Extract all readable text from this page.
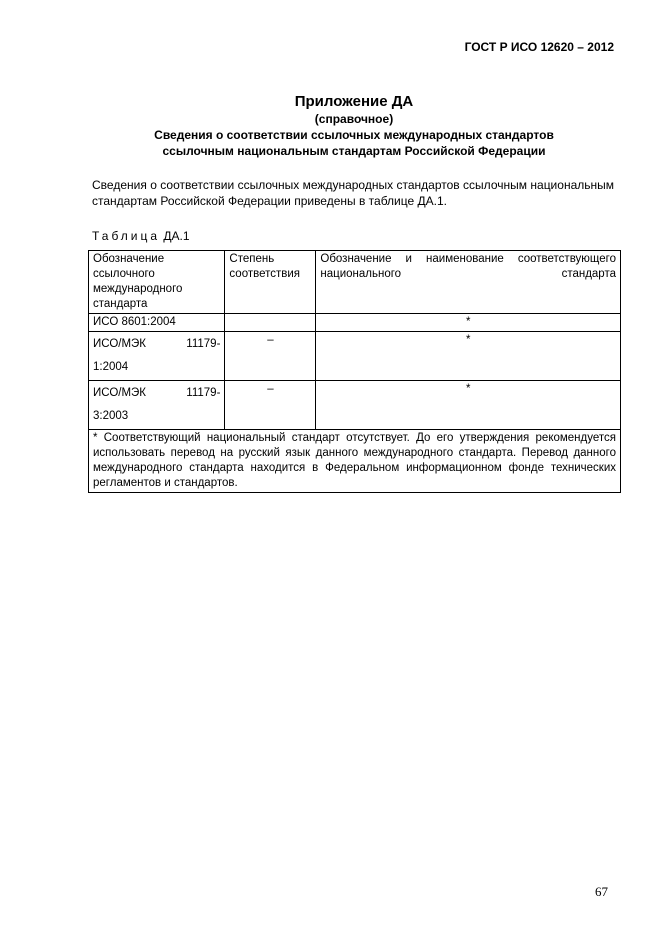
ГОСТ Р ИСО 12620 – 2012
Приложение ДА
(справочное)
Сведения о соответствии ссылочных международных стандартов
ссылочным национальным стандартам Российской Федерации
Сведения о соответствии ссылочных международных стандартов ссылочным национальным стандартам Российской Федерации приведены в таблице ДА.1.
Таблица ДА.1
Обозначение ссылочного международного стандарта	Степень соответствия	Обозначение и наименование соответствующего национального стандарта
ИСО 8601:2004		*

ИСО/МЭК 11179-
1:2004	–	*

ИСО/МЭК 11179-
3:2003	–	*
* Соответствующий национальный стандарт отсутствует. До его утверждения рекомендуется использовать перевод на русский язык данного международного стандарта. Перевод данного международного стандарта находится в Федеральном информационном фонде технических регламентов и стандартов.		
67
